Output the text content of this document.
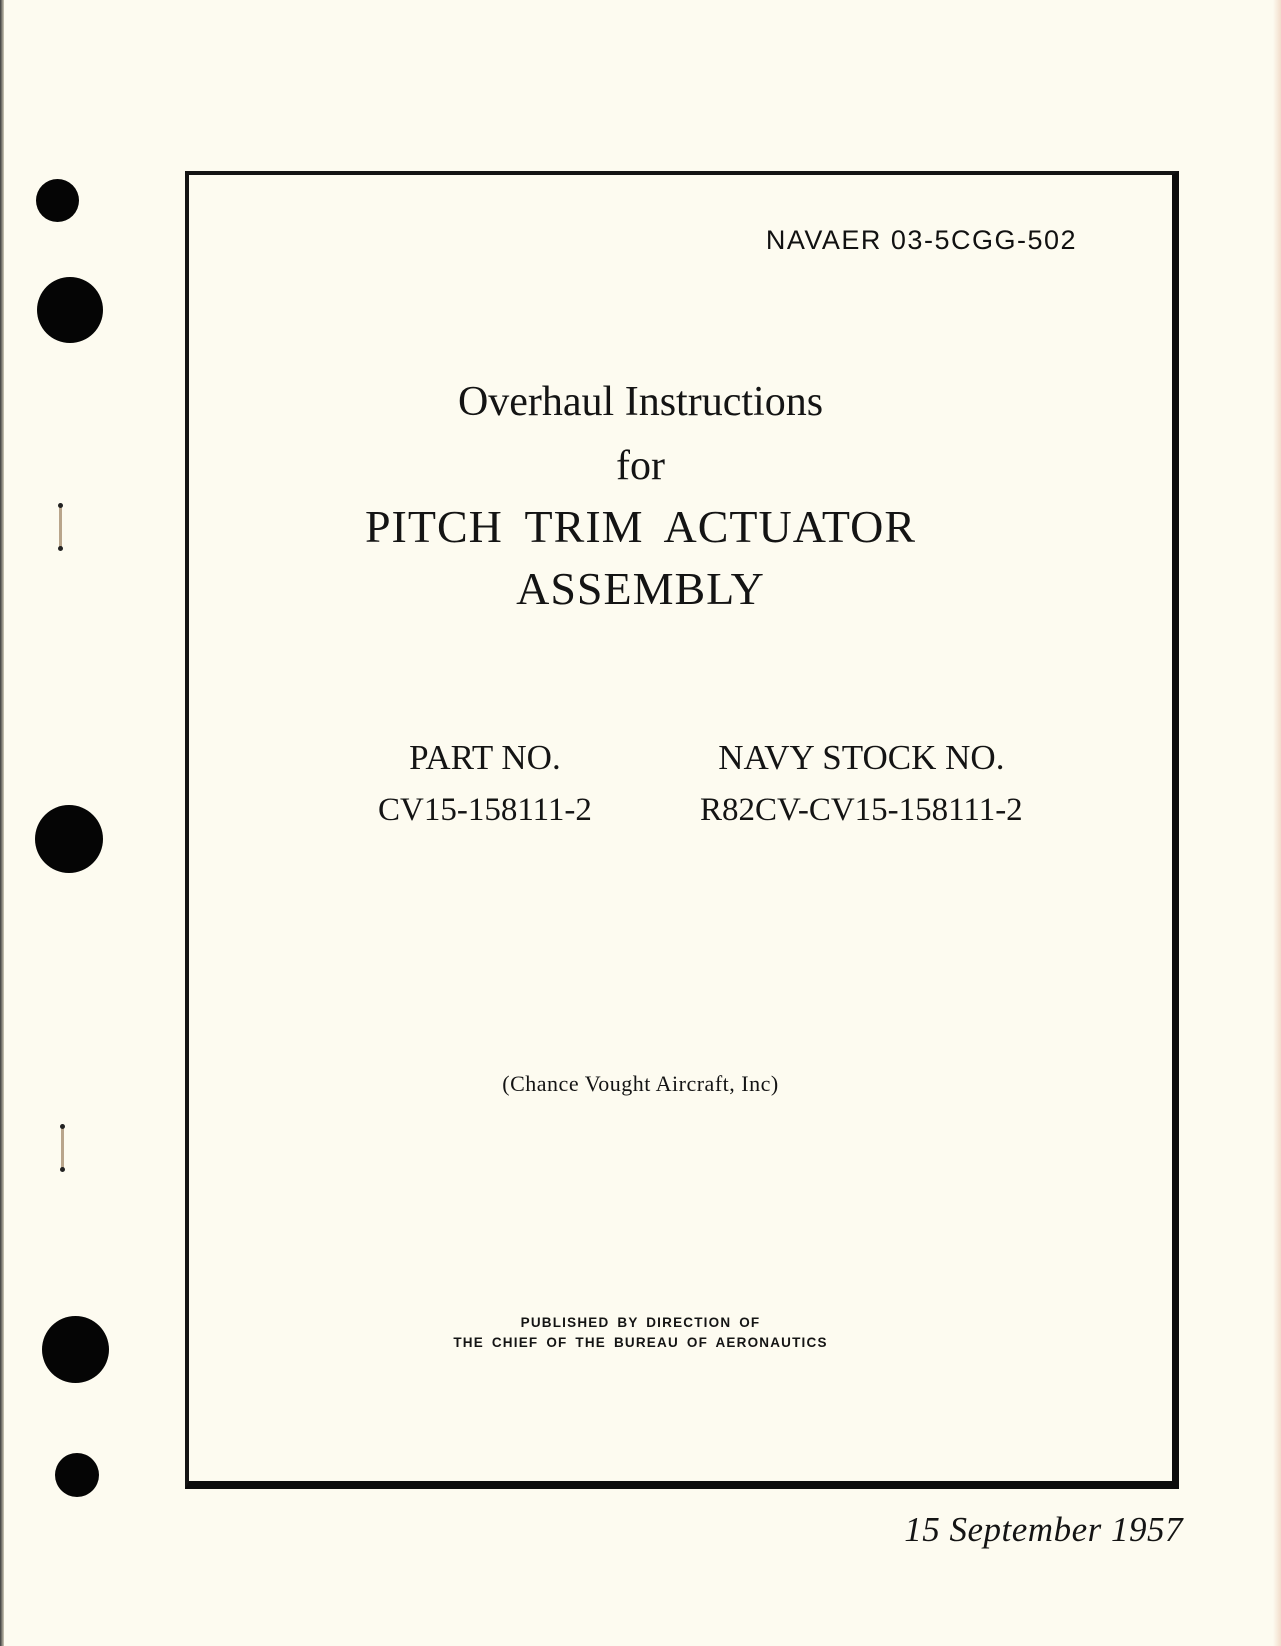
NAVAER 03-5CGG-502
Overhaul Instructions
for
PITCH TRIM ACTUATOR
ASSEMBLY
PART NO.
CV15-158111-2
NAVY STOCK NO.
R82CV-CV15-158111-2
(Chance Vought Aircraft, Inc)
PUBLISHED BY DIRECTION OF
THE CHIEF OF THE BUREAU OF AERONAUTICS
15 September 1957
